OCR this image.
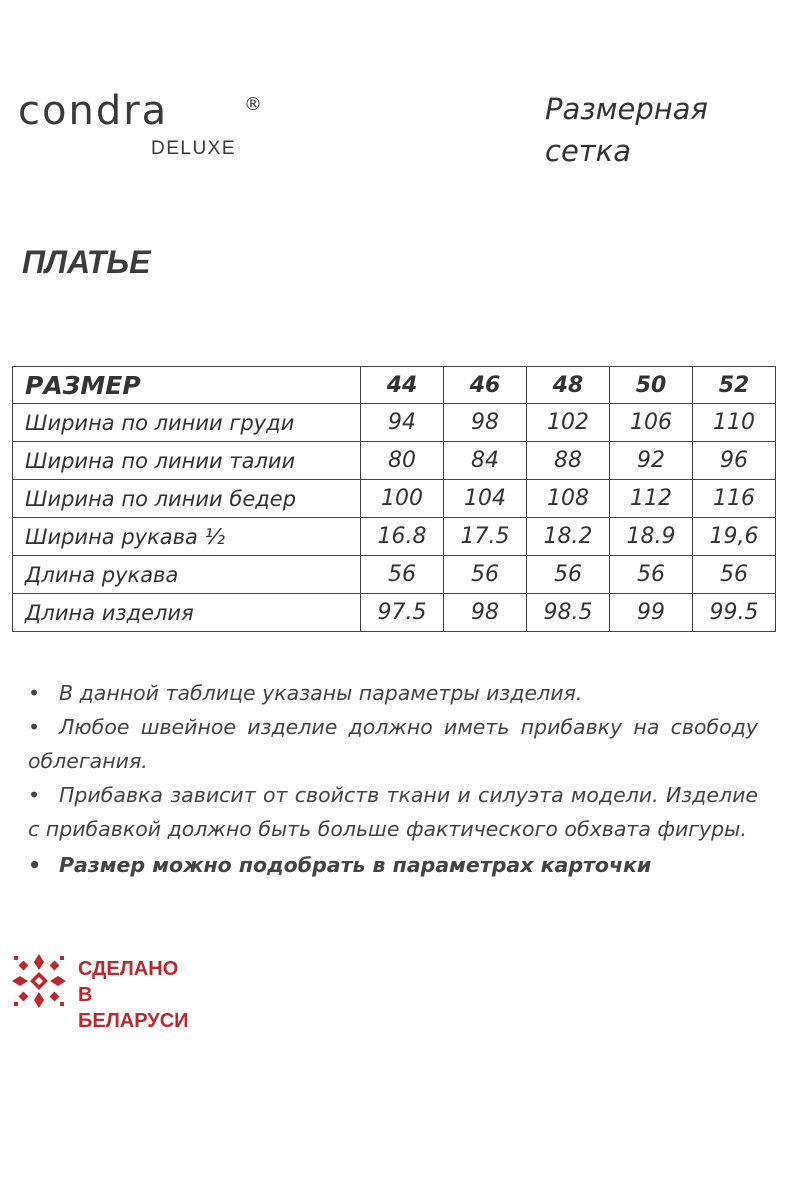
condra	®
DELUXE
Размерная
сетка
ПЛАТЬЕ
РАЗМЕР	44	46	48	50	52
Ширина по линии груди	94	98	102	106	110
Ширина по линии талии	80	84	88	92	96
Ширина по линии бедер	100	104	108	112	116
Ширина рукава ½	16.8	17.5	18.2	18.9	19,6
Длина рукава	56	56	56	56	56
Длина изделия	97.5	98	98.5	99	99.5

• В данной таблице указаны параметры изделия.

• Любое швейное изделие должно иметь прибавку на свободу облегания.

• Прибавка зависит от свойств ткани и силуэта модели. Изделие с прибавкой должно быть больше фактического обхвата фигуры.

• Размер можно подобрать в параметрах карточки

СДЕЛАНО
В БЕЛАРУСИ
